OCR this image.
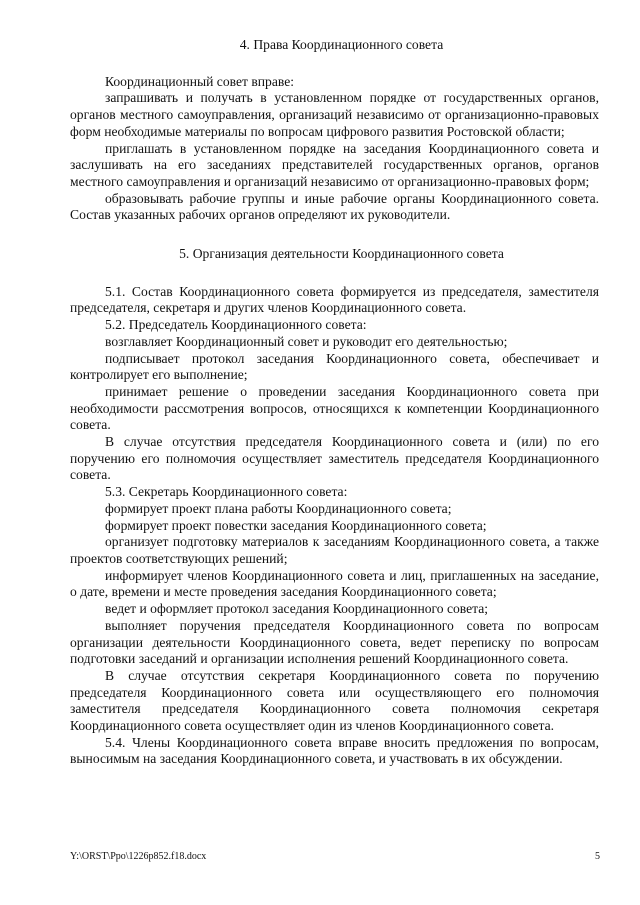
4. Права Координационного совета

Координационный совет вправе:

запрашивать и получать в установленном порядке от государственных органов, органов местного самоуправления, организаций независимо от организационно-правовых форм необходимые материалы по вопросам цифрового развития Ростовской области;

приглашать в установленном порядке на заседания Координационного совета и заслушивать на его заседаниях представителей государственных органов, органов местного самоуправления и организаций независимо от организационно-правовых форм;

образовывать рабочие группы и иные рабочие органы Координационного совета. Состав указанных рабочих органов определяют их руководители.

5. Организация деятельности Координационного совета

5.1. Состав Координационного совета формируется из председателя, заместителя председателя, секретаря и других членов Координационного совета.

5.2. Председатель Координационного совета:

возглавляет Координационный совет и руководит его деятельностью;

подписывает протокол заседания Координационного совета, обеспечивает и контролирует его выполнение;

принимает решение о проведении заседания Координационного совета при необходимости рассмотрения вопросов, относящихся к компетенции Координационного совета.

В случае отсутствия председателя Координационного совета и (или) по его поручению его полномочия осуществляет заместитель председателя Координационного совета.

5.3. Секретарь Координационного совета:

формирует проект плана работы Координационного совета;

формирует проект повестки заседания Координационного совета;

организует подготовку материалов к заседаниям Координационного совета, а также проектов соответствующих решений;

информирует членов Координационного совета и лиц, приглашенных на заседание, о дате, времени и месте проведения заседания Координационного совета;

ведет и оформляет протокол заседания Координационного совета;

выполняет поручения председателя Координационного совета по вопросам организации деятельности Координационного совета, ведет переписку по вопросам подготовки заседаний и организации исполнения решений Координационного совета.

В случае отсутствия секретаря Координационного совета по поручению председателя Координационного совета или осуществляющего его полномочия заместителя председателя Координационного совета полномочия секретаря Координационного совета осуществляет один из членов Координационного совета.

5.4. Члены Координационного совета вправе вносить предложения по вопросам, выносимым на заседания Координационного совета, и участвовать в их обсуждении.

Y:\ORST\Ppo\1226p852.f18.docx	5
